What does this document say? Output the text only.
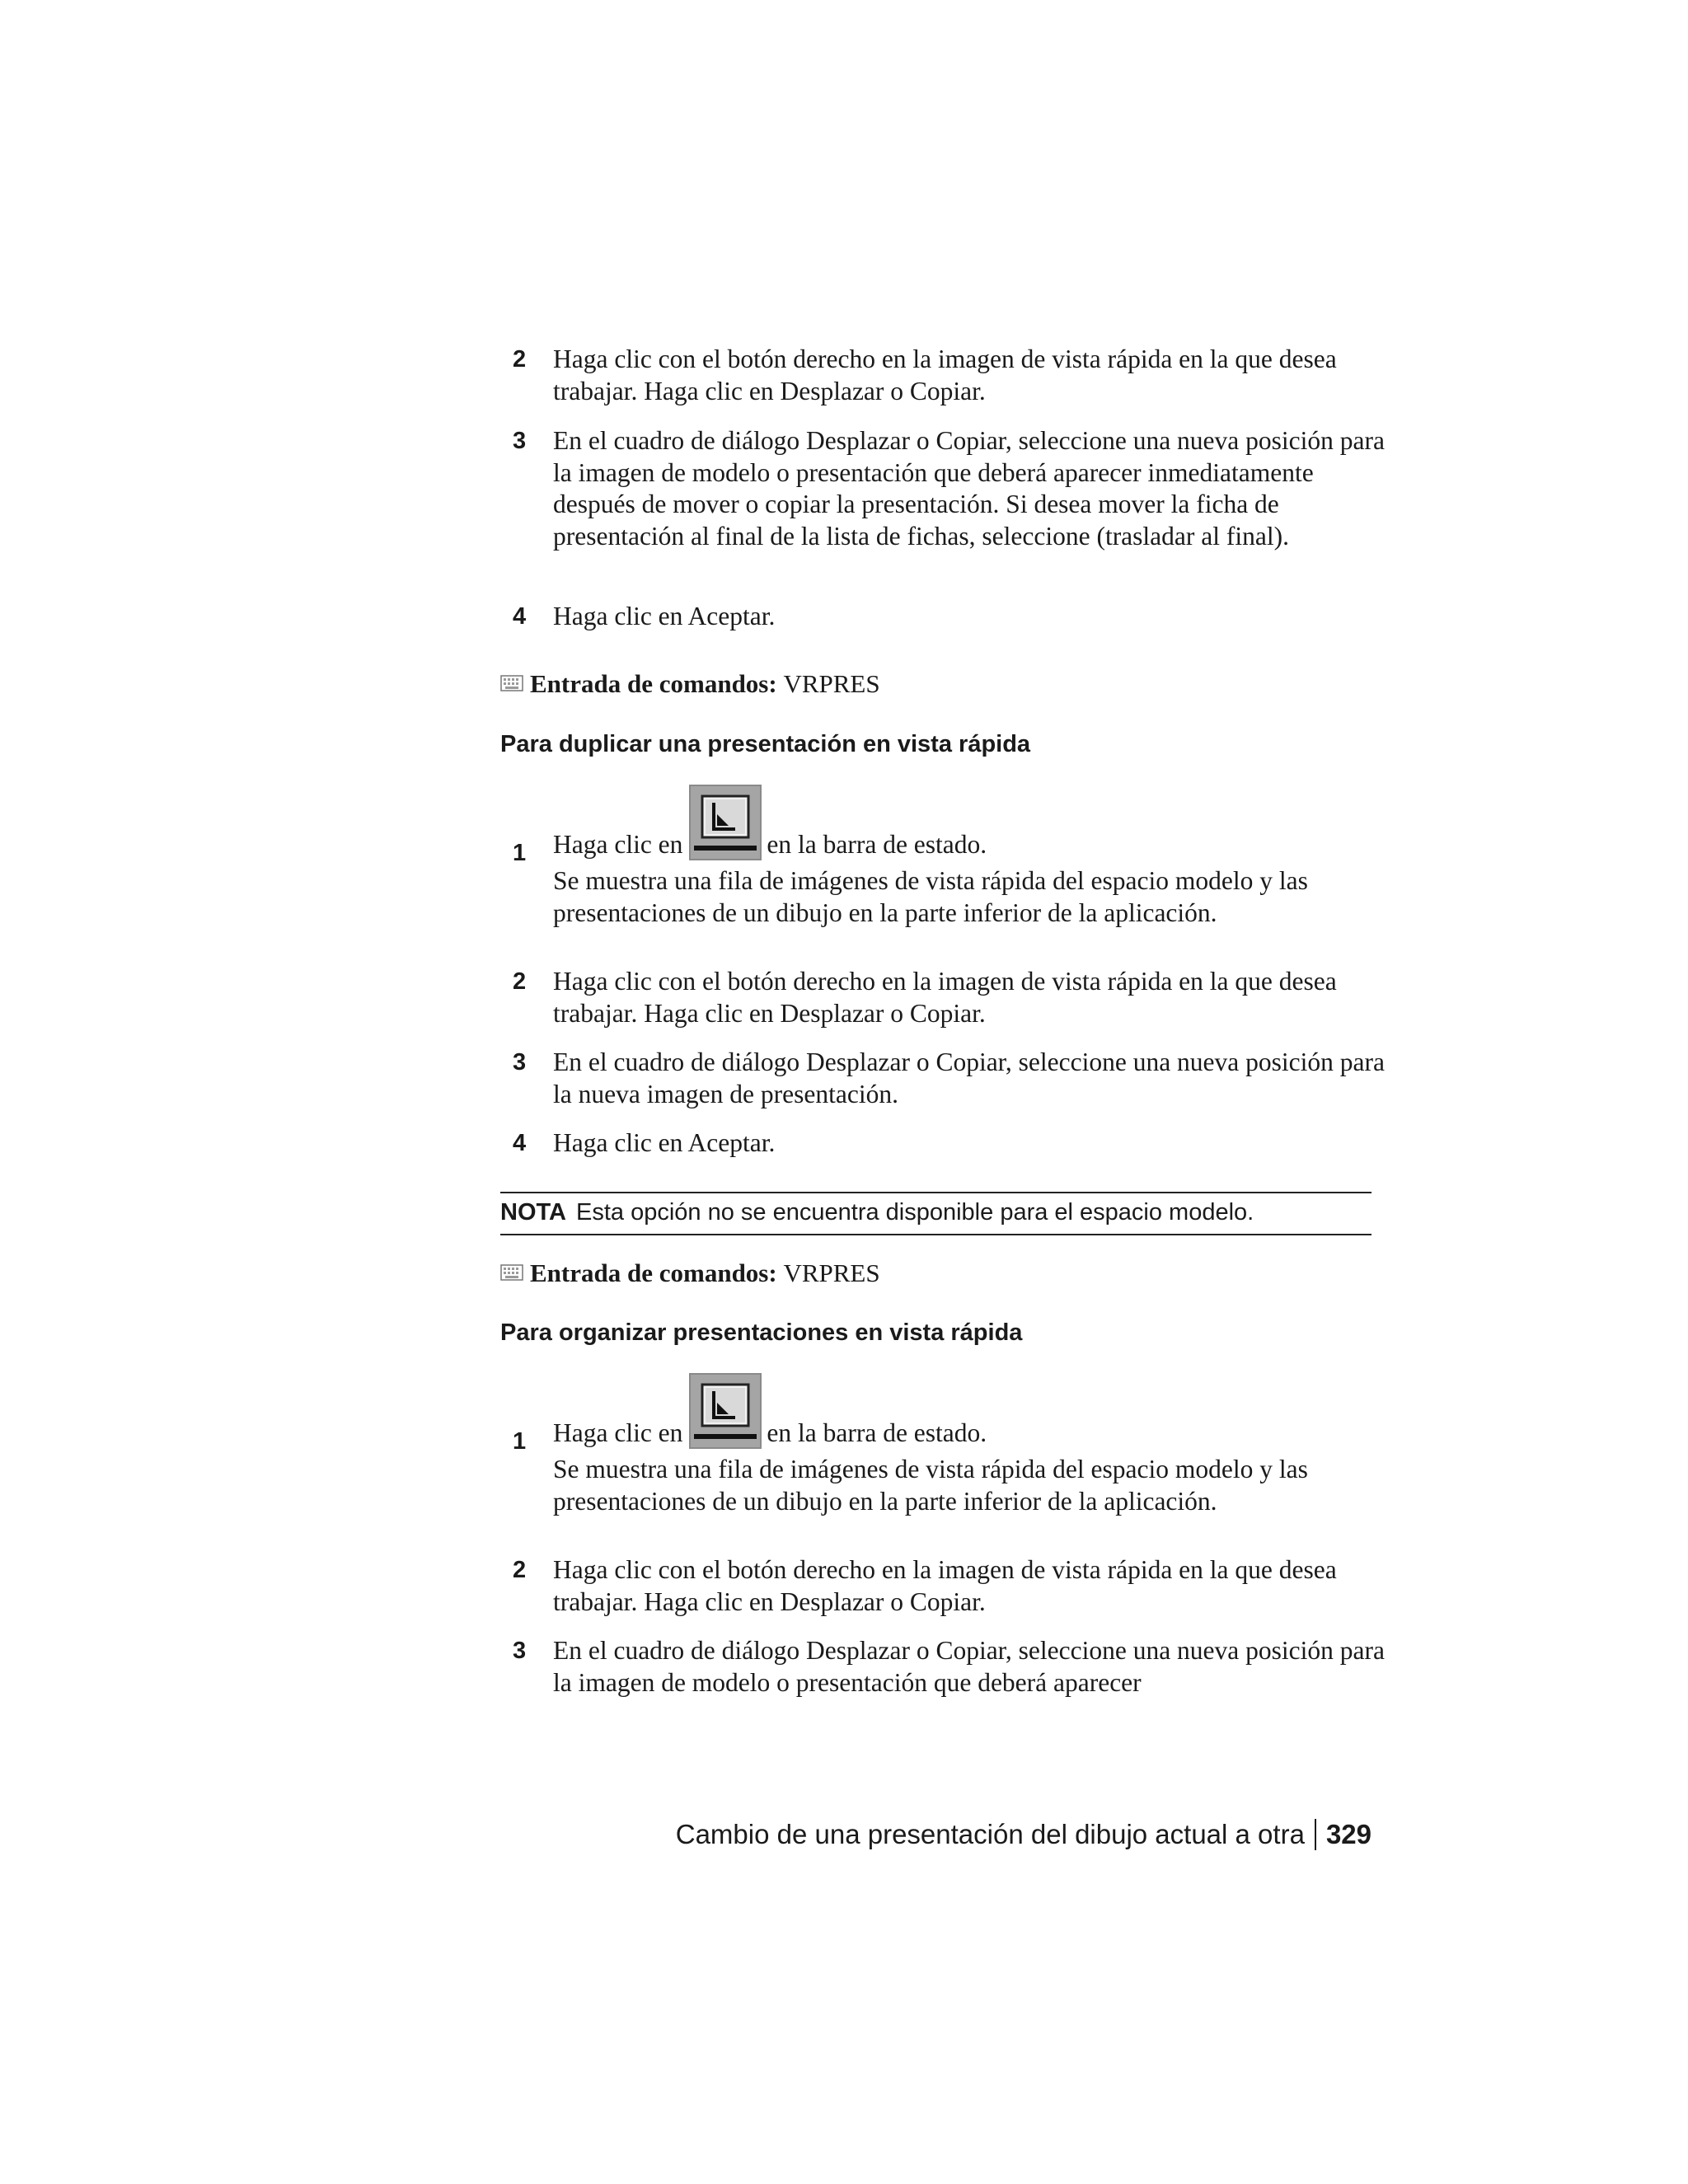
2	Haga clic con el botón derecho en la imagen de vista rápida en la que desea trabajar. Haga clic en Desplazar o Copiar.
3	En el cuadro de diálogo Desplazar o Copiar, seleccione una nueva posición para la imagen de modelo o presentación que deberá aparecer inmediatamente después de mover o copiar la presentación. Si desea mover la ficha de presentación al final de la lista de fichas, seleccione (trasladar al final).
4	Haga clic en Aceptar.
Entrada de comandos: VRPRES
Para duplicar una presentación en vista rápida
1	Haga clic en	en la barra de estado.
Se muestra una fila de imágenes de vista rápida del espacio modelo y las presentaciones de un dibujo en la parte inferior de la aplicación.
2	Haga clic con el botón derecho en la imagen de vista rápida en la que desea trabajar. Haga clic en Desplazar o Copiar.
3	En el cuadro de diálogo Desplazar o Copiar, seleccione una nueva posición para la nueva imagen de presentación.
4	Haga clic en Aceptar.
NOTA Esta opción no se encuentra disponible para el espacio modelo.
Entrada de comandos: VRPRES
Para organizar presentaciones en vista rápida
1	Haga clic en	en la barra de estado.
Se muestra una fila de imágenes de vista rápida del espacio modelo y las presentaciones de un dibujo en la parte inferior de la aplicación.
2	Haga clic con el botón derecho en la imagen de vista rápida en la que desea trabajar. Haga clic en Desplazar o Copiar.
3	En el cuadro de diálogo Desplazar o Copiar, seleccione una nueva posición para la imagen de modelo o presentación que deberá aparecer
Cambio de una presentación del dibujo actual a otra 329
